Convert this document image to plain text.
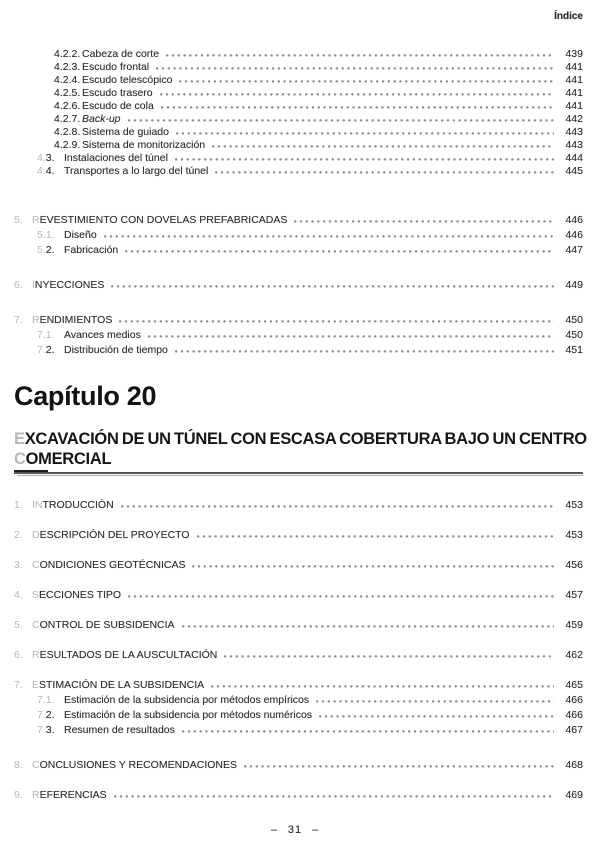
Índice
4.2.2. Cabeza de corte	439
4.2.3. Escudo frontal	441
4.2.4. Escudo telescópico	441
4.2.5. Escudo trasero	441
4.2.6. Escudo de cola	441
4.2.7. Back-up	442
4.2.8. Sistema de guiado	443
4.2.9. Sistema de monitorización	443
4.3. Instalaciones del túnel	444
4.4. Transportes a lo largo del túnel	445
5. REVESTIMIENTO CON DOVELAS PREFABRICADAS	446
5.1. Diseño	446
5.2. Fabricación	447
6. INYECCIONES	449
7. RENDIMIENTOS	450
7.1. Avances medios	450
7.2. Distribución de tiempo	451
Capítulo 20
EXCAVACIÓN DE UN TÚNEL CON ESCASA COBERTURA BAJO UN CENTRO
COMERCIAL
1. INTRODUCCIÓN	453
2. DESCRIPCIÓN DEL PROYECTO	453
3. CONDICIONES GEOTÉCNICAS	456
4. SECCIONES TIPO	457
5. CONTROL DE SUBSIDENCIA	459
6. RESULTADOS DE LA AUSCULTACIÓN	462
7. ESTIMACIÓN DE LA SUBSIDENCIA	465
7.1. Estimación de la subsidencia por métodos empíricos	466
7.2. Estimación de la subsidencia por métodos numéricos	466
7.3. Resumen de resultados	467
8. CONCLUSIONES Y RECOMENDACIONES	468
9. REFERENCIAS	469
– 31 –
